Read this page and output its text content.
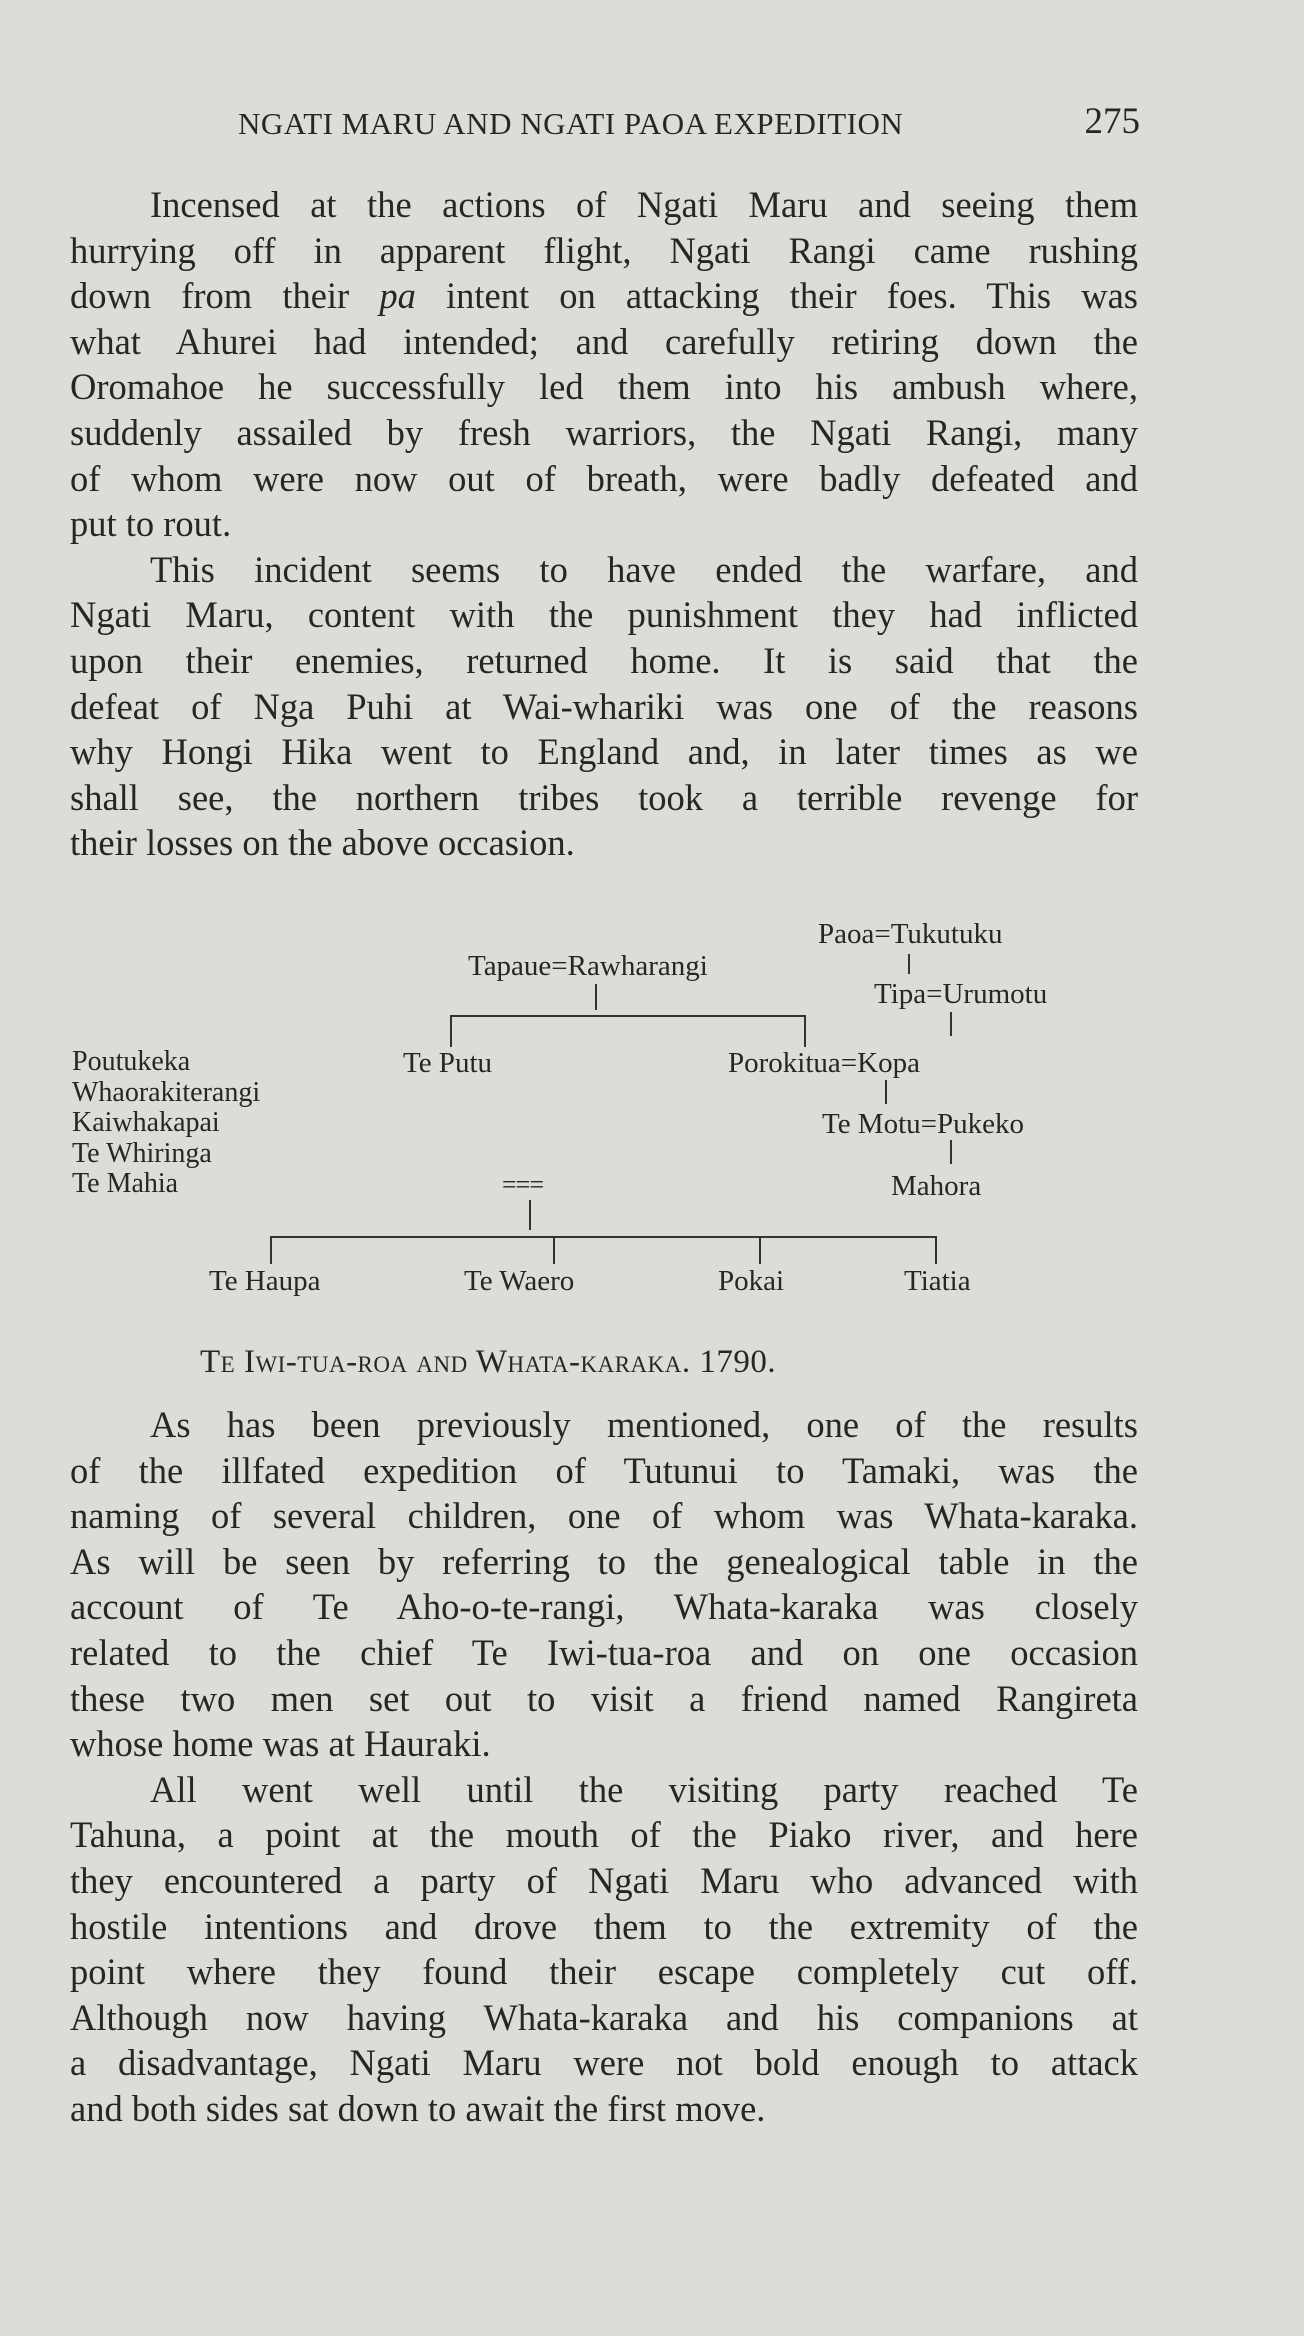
NGATI MARU AND NGATI PAOA EXPEDITION	275
Incensed at the actions of Ngati Maru and seeing them
hurrying off in apparent flight, Ngati Rangi came rushing
down from their pa intent on attacking their foes. This was
what Ahurei had intended; and carefully retiring down the
Oromahoe he successfully led them into his ambush where,
suddenly assailed by fresh warriors, the Ngati Rangi, many
of whom were now out of breath, were badly defeated and
put to rout.
This incident seems to have ended the warfare, and
Ngati Maru, content with the punishment they had inflicted
upon their enemies, returned home. It is said that the
defeat of Nga Puhi at Wai-whariki was one of the reasons
why Hongi Hika went to England and, in later times as we
shall see, the northern tribes took a terrible revenge for
their losses on the above occasion.
Paoa=Tukutuku
Tapaue=Rawharangi
Tipa=Urumotu
Poutukeka
Whaorakiterangi
Kaiwhakapai
Te Whiringa
Te Mahia
Te Putu	Porokitua=Kopa
Te Motu=Pukeko
Mahora
===
Te Haupa	Te Waero	Pokai	Tiatia
Te Iwi-tua-roa and Whata-karaka. 1790.
As has been previously mentioned, one of the results
of the illfated expedition of Tutunui to Tamaki, was the
naming of several children, one of whom was Whata-karaka.
As will be seen by referring to the genealogical table in the
account of Te Aho-o-te-rangi, Whata-karaka was closely
related to the chief Te Iwi-tua-roa and on one occasion
these two men set out to visit a friend named Rangireta
whose home was at Hauraki.
All went well until the visiting party reached Te
Tahuna, a point at the mouth of the Piako river, and here
they encountered a party of Ngati Maru who advanced with
hostile intentions and drove them to the extremity of the
point where they found their escape completely cut off.
Although now having Whata-karaka and his companions at
a disadvantage, Ngati Maru were not bold enough to attack
and both sides sat down to await the first move.
